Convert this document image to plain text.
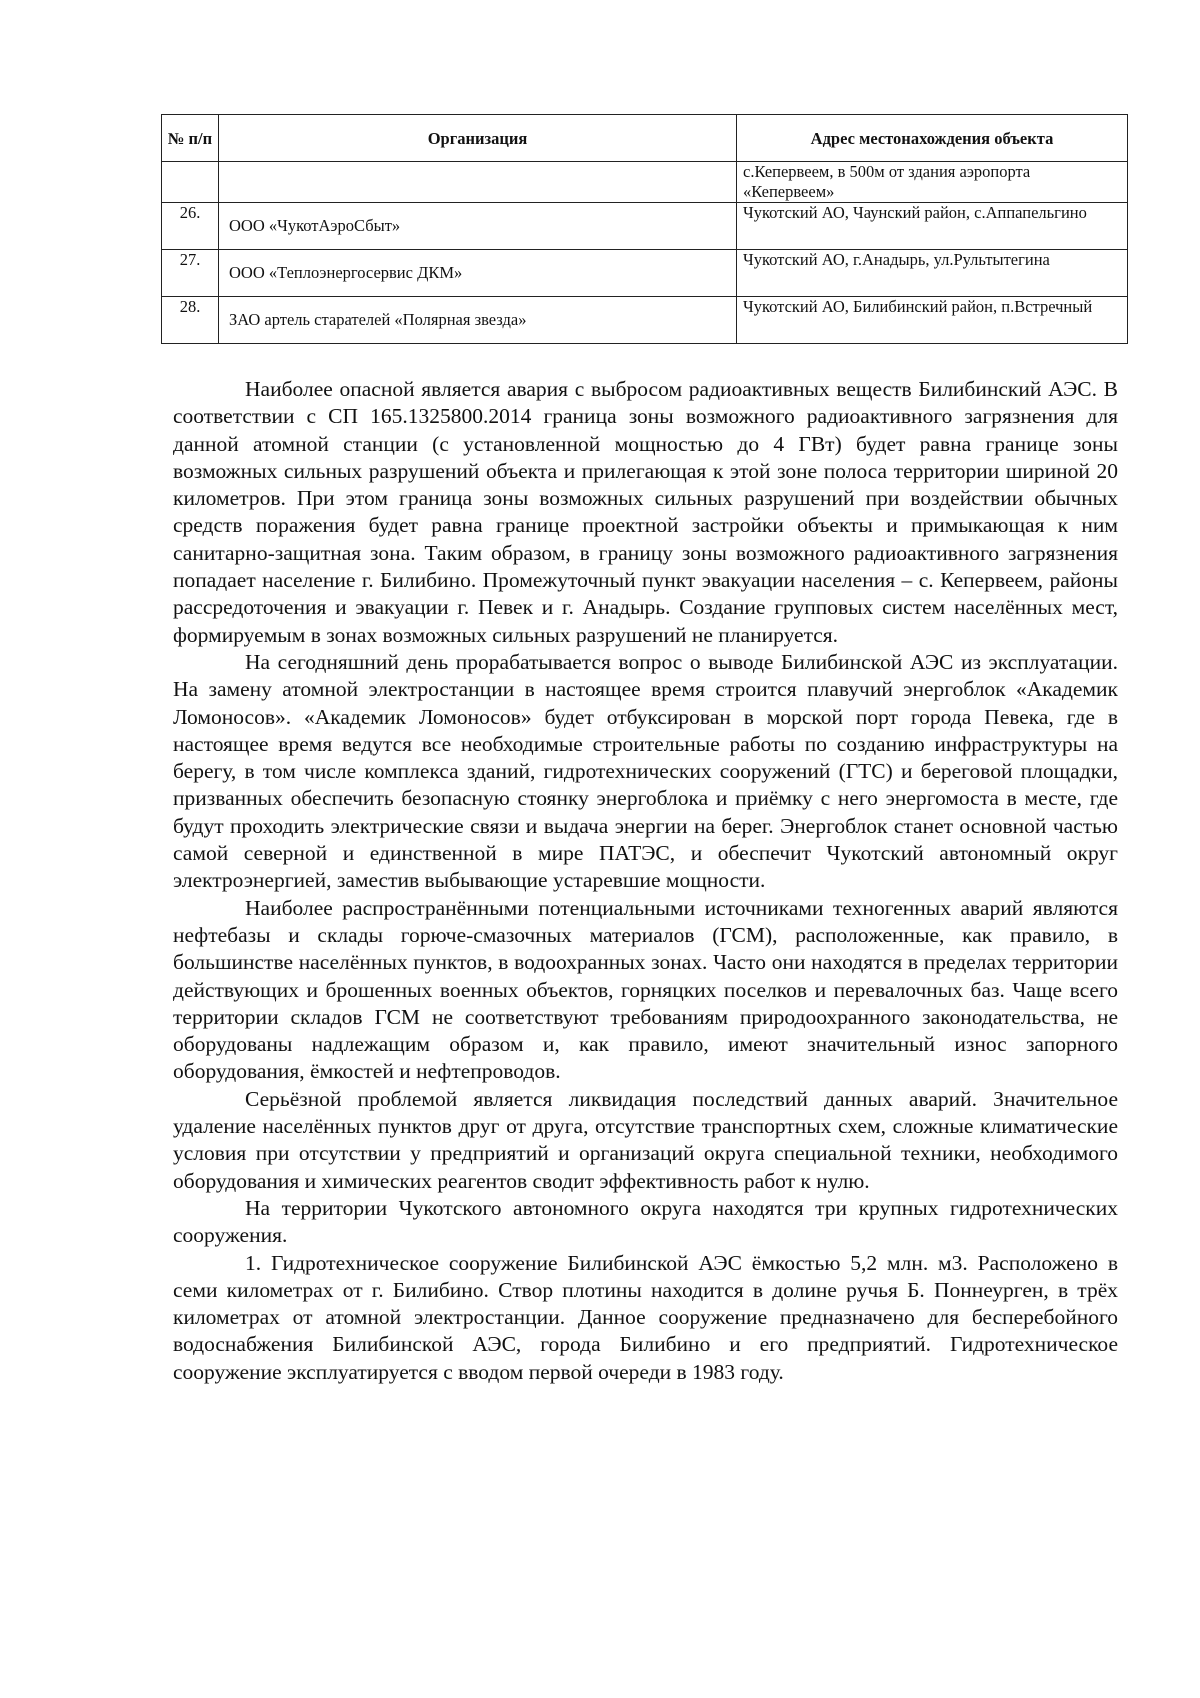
№ п/п	Организация	Адрес местонахождения объекта
		с.Кепервеем, в 500м от здания аэропорта «Кепервеем»
26.	ООО «ЧукотАэроСбыт»	Чукотский АО, Чаунский район, с.Аппапельгино
27.	ООО «Теплоэнергосервис ДКМ»	Чукотский АО, г.Анадырь, ул.Рультытегина
28.	ЗАО артель старателей «Полярная звезда»	Чукотский АО, Билибинский район, п.Встречный

Наиболее опасной является авария с выбросом радиоактивных веществ Билибинский АЭС. В соответствии с СП 165.1325800.2014 граница зоны возможного радиоактивного загрязнения для данной атомной станции (с установленной мощностью до 4 ГВт) будет равна границе зоны возможных сильных разрушений объекта и прилегающая к этой зоне полоса территории шириной 20 километров. При этом граница зоны возможных сильных разрушений при воздействии обычных средств поражения будет равна границе проектной застройки объекты и примыкающая к ним санитарно-защитная зона. Таким образом, в границу зоны возможного радиоактивного загрязнения попадает население г. Билибино. Промежуточный пункт эвакуации населения – с. Кепервеем, районы рассредоточения и эвакуации г. Певек и г. Анадырь. Создание групповых систем населённых мест, формируемым в зонах возможных сильных разрушений не планируется.

На сегодняшний день прорабатывается вопрос о выводе Билибинской АЭС из эксплуатации. На замену атомной электростанции в настоящее время строится плавучий энергоблок «Академик Ломоносов». «Академик Ломоносов» будет отбуксирован в морской порт города Певека, где в настоящее время ведутся все необходимые строительные работы по созданию инфраструктуры на берегу, в том числе комплекса зданий, гидротехнических сооружений (ГТС) и береговой площадки, призванных обеспечить безопасную стоянку энергоблока и приёмку с него энергомоста в месте, где будут проходить электрические связи и выдача энергии на берег. Энергоблок станет основной частью самой северной и единственной в мире ПАТЭС, и обеспечит Чукотский автономный округ электроэнергией, заместив выбывающие устаревшие мощности.

Наиболее распространёнными потенциальными источниками техногенных аварий являются нефтебазы и склады горюче-смазочных материалов (ГСМ), расположенные, как правило, в большинстве населённых пунктов, в водоохранных зонах. Часто они находятся в пределах территории действующих и брошенных военных объектов, горняцких поселков и перевалочных баз. Чаще всего территории складов ГСМ не соответствуют требованиям природоохранного законодательства, не оборудованы надлежащим образом и, как правило, имеют значительный износ запорного оборудования, ёмкостей и нефтепроводов.

Серьёзной проблемой является ликвидация последствий данных аварий. Значительное удаление населённых пунктов друг от друга, отсутствие транспортных схем, сложные климатические условия при отсутствии у предприятий и организаций округа специальной техники, необходимого оборудования и химических реагентов сводит эффективность работ к нулю.

На территории Чукотского автономного округа находятся три крупных гидротехнических сооружения.

1. Гидротехническое сооружение Билибинской АЭС ёмкостью 5,2 млн. м3. Расположено в семи километрах от г. Билибино. Створ плотины находится в долине ручья Б. Поннеурген, в трёх километрах от атомной электростанции. Данное сооружение предназначено для бесперебойного водоснабжения Билибинской АЭС, города Билибино и его предприятий. Гидротехническое сооружение эксплуатируется с вводом первой очереди в 1983 году.
